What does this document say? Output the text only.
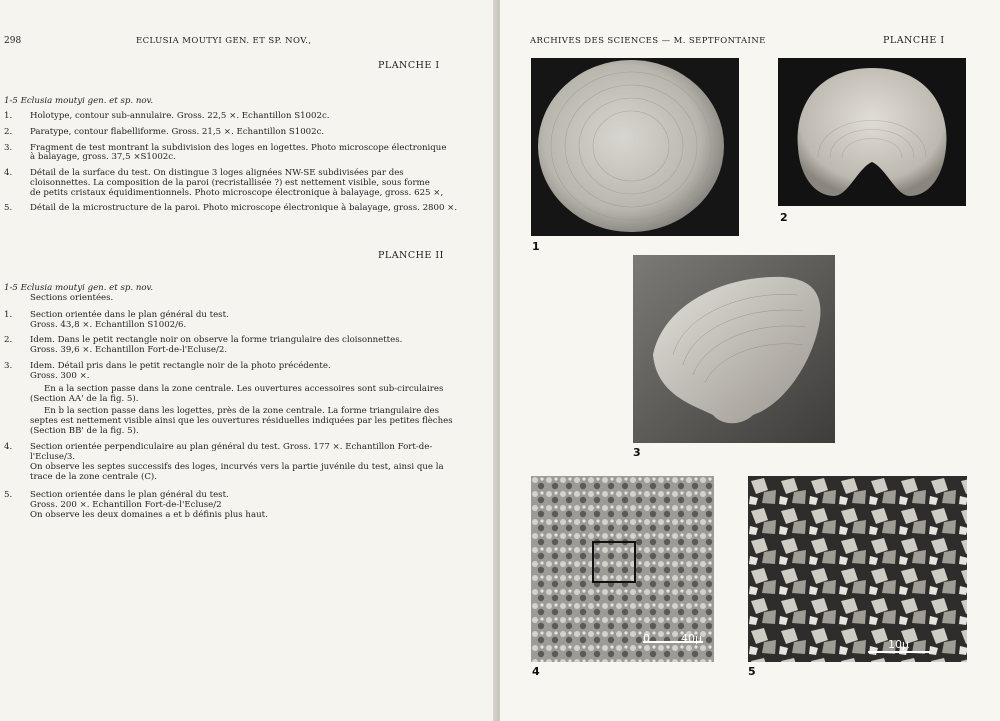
298	ECLUSIA MOUTYI GEN. ET SP. NOV.,
PLANCHE I
1-5 Eclusia moutyi gen. et sp. nov.
1. Holotype, contour sub-annulaire. Gross. 22,5 ×. Echantillon S1002c.
2. Paratype, contour flabelliforme. Gross. 21,5 ×. Echantillon S1002c.
3. Fragment de test montrant la subdivision des loges en logettes. Photo microscope électronique
à balayage, gross. 37,5 ×S1002c.
4. Détail de la surface du test. On distingue 3 loges alignées NW-SE subdivisées par des
cloisonnettes. La composition de la paroi (recristallisée ?) est nettement visible, sous forme
de petits cristaux équidimentionnels. Photo microscope électronique à balayage, gross. 625 ×,
5. Détail de la microstructure de la paroi. Photo microscope électronique à balayage, gross. 2800 ×.
PLANCHE II
1-5 Eclusia moutyi gen. et sp. nov.
Sections orientées.
1. Section orientée dans le plan général du test.
Gross. 43,8 ×. Echantillon S1002/6.
2. Idem. Dans le petit rectangle noir on observe la forme triangulaire des cloisonnettes.
Gross. 39,6 ×. Echantillon Fort-de-l'Ecluse/2.
3. Idem. Détail pris dans le petit rectangle noir de la photo précédente.
Gross. 300 ×.
En a la section passe dans la zone centrale. Les ouvertures accessoires sont sub-circulaires
(Section AA' de la fig. 5).
En b la section passe dans les logettes, près de la zone centrale. La forme triangulaire des
septes est nettement visible ainsi que les ouvertures résiduelles indiquées par les petites flèches
(Section BB' de la fig. 5).
4. Section orientée perpendiculaire au plan général du test. Gross. 177 ×. Echantillon Fort-de-
l'Ecluse/3.
On observe les septes successifs des loges, incurvés vers la partie juvénile du test, ainsi que la
trace de la zone centrale (C).
5. Section orientée dans le plan général du test.
Gross. 200 ×. Echantillon Fort-de-l'Ecluse/2
On observe les deux domaines a et b définis plus haut.
ARCHIVES DES SCIENCES — M. SEPTFONTAINE	PLANCHE I
1
2
3
0	40μ
4
10μ
5
